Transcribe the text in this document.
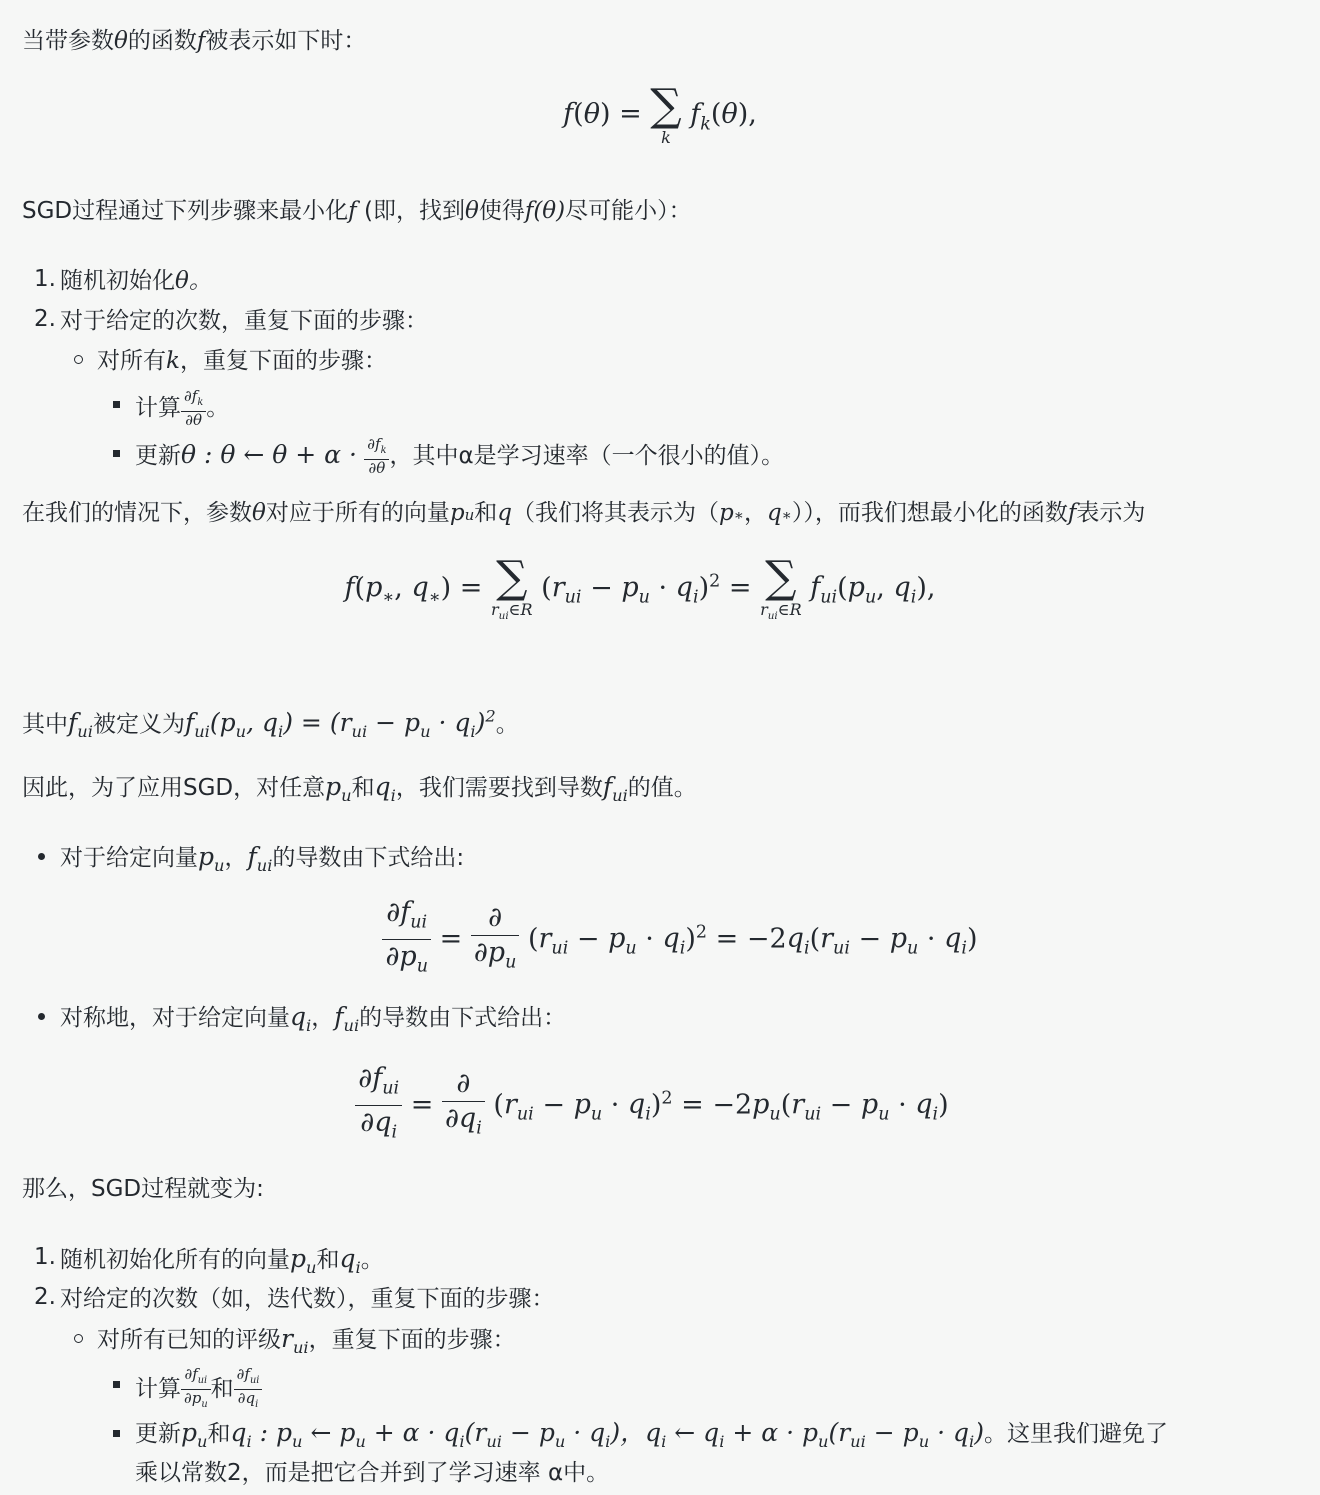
当带参数θ的函数f被表示如下时：
f(θ) = ∑
k
$f_k(\theta)$,
SGD过程通过下列步骤来最小化f (即，找到θ使得f(θ)尽可能小）：
1. 随机初始化θ。
2. 对于给定的次数，重复下面的步骤：
对所有k，重复下面的步骤：
计算 $\frac{\partial f_k}{\partial\theta}$ 。
更新θ : θ ← $\theta + \alpha \cdot \frac{\partial f_k}{\partial\theta}$ ，其中α是学习速率（一个很小的值）。
在我们的情况下，参数θ对应于所有的向量pu和q（我们将其表示为（p∗，q∗）），而我们想最小化的函数f表示为
$f(p_∗$, $q_∗$) = ∑
$r_{ui}\in R$
$(r_{ui} - p_u \cdot q_i)^2$ = ∑
$r_{ui}\in R$
$f_{ui}(p_u$, $q_i$),
其中$f_{ui}$被定义为$f_{ui}(p_u$, $q_i) = (r_{ui} - p_u \cdot q_i)^2$。
因此，为了应用SGD，对任意$p_u$和$q_i$，我们需要找到导数$f_{ui}$的值。
对于给定向量$p_u$，$f_{ui}$的导数由下式给出:
$\frac{\partial f_{ui}}{\partial p_u} = \frac{\partial}{\partial p_u} (r_{ui} - p_u \cdot q_i)^2 = -2q_i(r_{ui} - p_u \cdot q_i)$
对称地，对于给定向量$q_i$，$f_{ui}$的导数由下式给出：
$\frac{\partial f_{ui}}{\partial q_i} = \frac{\partial}{\partial q_i} (r_{ui} - p_u \cdot q_i)^2 = -2p_u(r_{ui} - p_u \cdot q_i)$
那么，SGD过程就变为:
1. 随机初始化所有的向量$p_u$和$q_i$。
2. 对给定的次数（如，迭代数），重复下面的步骤：
对所有已知的评级$r_{ui}$，重复下面的步骤：
计算 $\frac{\partial f_{ui}}{\partial p_u}$ 和 $\frac{\partial f_{ui}}{\partial q_i}$
更新$p_u$和$q_i$ : $p_u$ ← $p_u + \alpha \cdot q_i(r_{ui} - p_u \cdot q_i)$，$q_i$ ← $q_i + \alpha \cdot p_u(r_{ui} - p_u \cdot q_i)$。这里我们避免了
乘以常数2，而是把它合并到了学习速率 α中。
